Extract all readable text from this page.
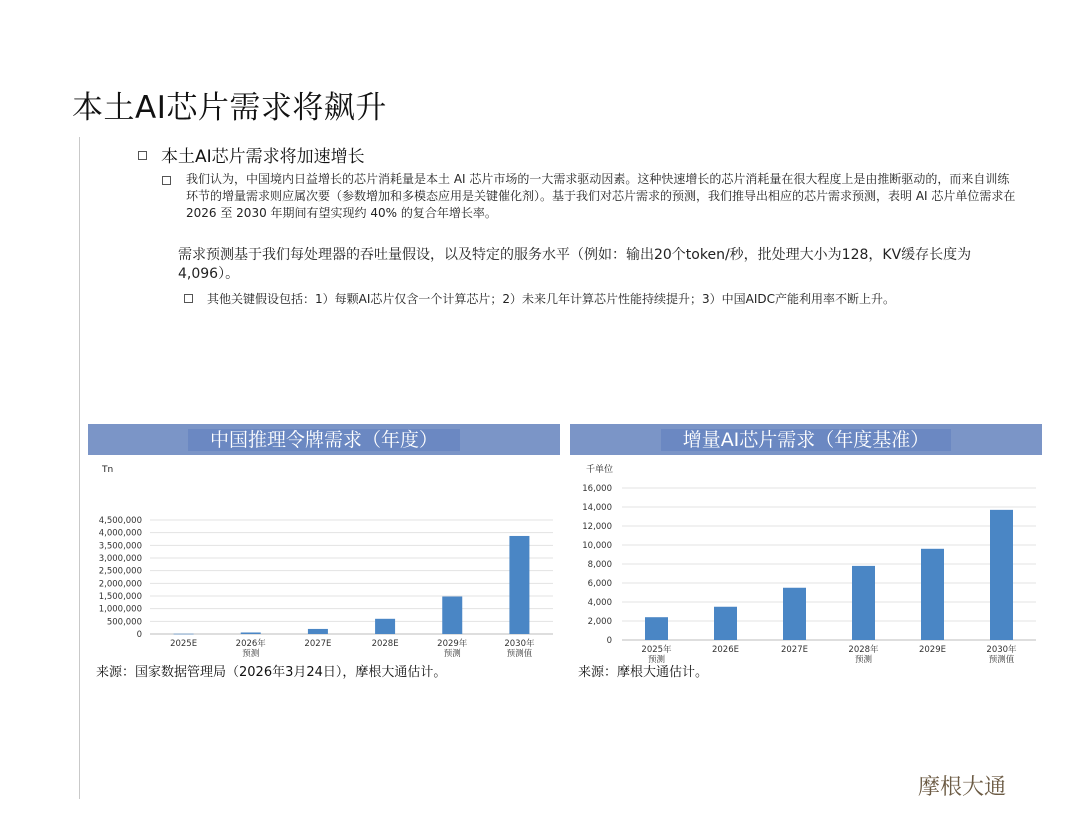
本土AI芯片需求将飙升
本土AI芯片需求将加速增长
我们认为，中国境内日益增长的芯片消耗量是本土 AI 芯片市场的一大需求驱动因素。这种快速增长的芯片消耗量在很大程度上是由推断驱动的，而来自训练环节的增量需求则应属次要（参数增加和多模态应用是关键催化剂）。基于我们对芯片需求的预测，我们推导出相应的芯片需求预测，表明 AI 芯片单位需求在 2026 至 2030 年期间有望实现约 40% 的复合年增长率。
需求预测基于我们每处理器的吞吐量假设，以及特定的服务水平（例如：输出20个token/秒，批处理大小为128，KV缓存长度为4,096）。
其他关键假设包括：1）每颗AI芯片仅含一个计算芯片；2）未来几年计算芯片性能持续提升；3）中国AIDC产能利用率不断上升。
中国推理令牌需求（年度）
Tn
0
500,000
1,000,000
1,500,000
2,000,000
2,500,000
3,000,000
3,500,000
4,000,000
4,500,000
2025E	2026年预测
2027E	2028E	2029年预测
2030年预测值
来源：国家数据管理局（2026年3月24日），摩根大通估计。
增量AI芯片需求（年度基准）
千单位
0
2,000
4,000
6,000
8,000
10,000
12,000
14,000
16,000
2025年预测
2026E	2027E	2028年预测
2029E	2030年预测值
来源：摩根大通估计。
摩根大通
